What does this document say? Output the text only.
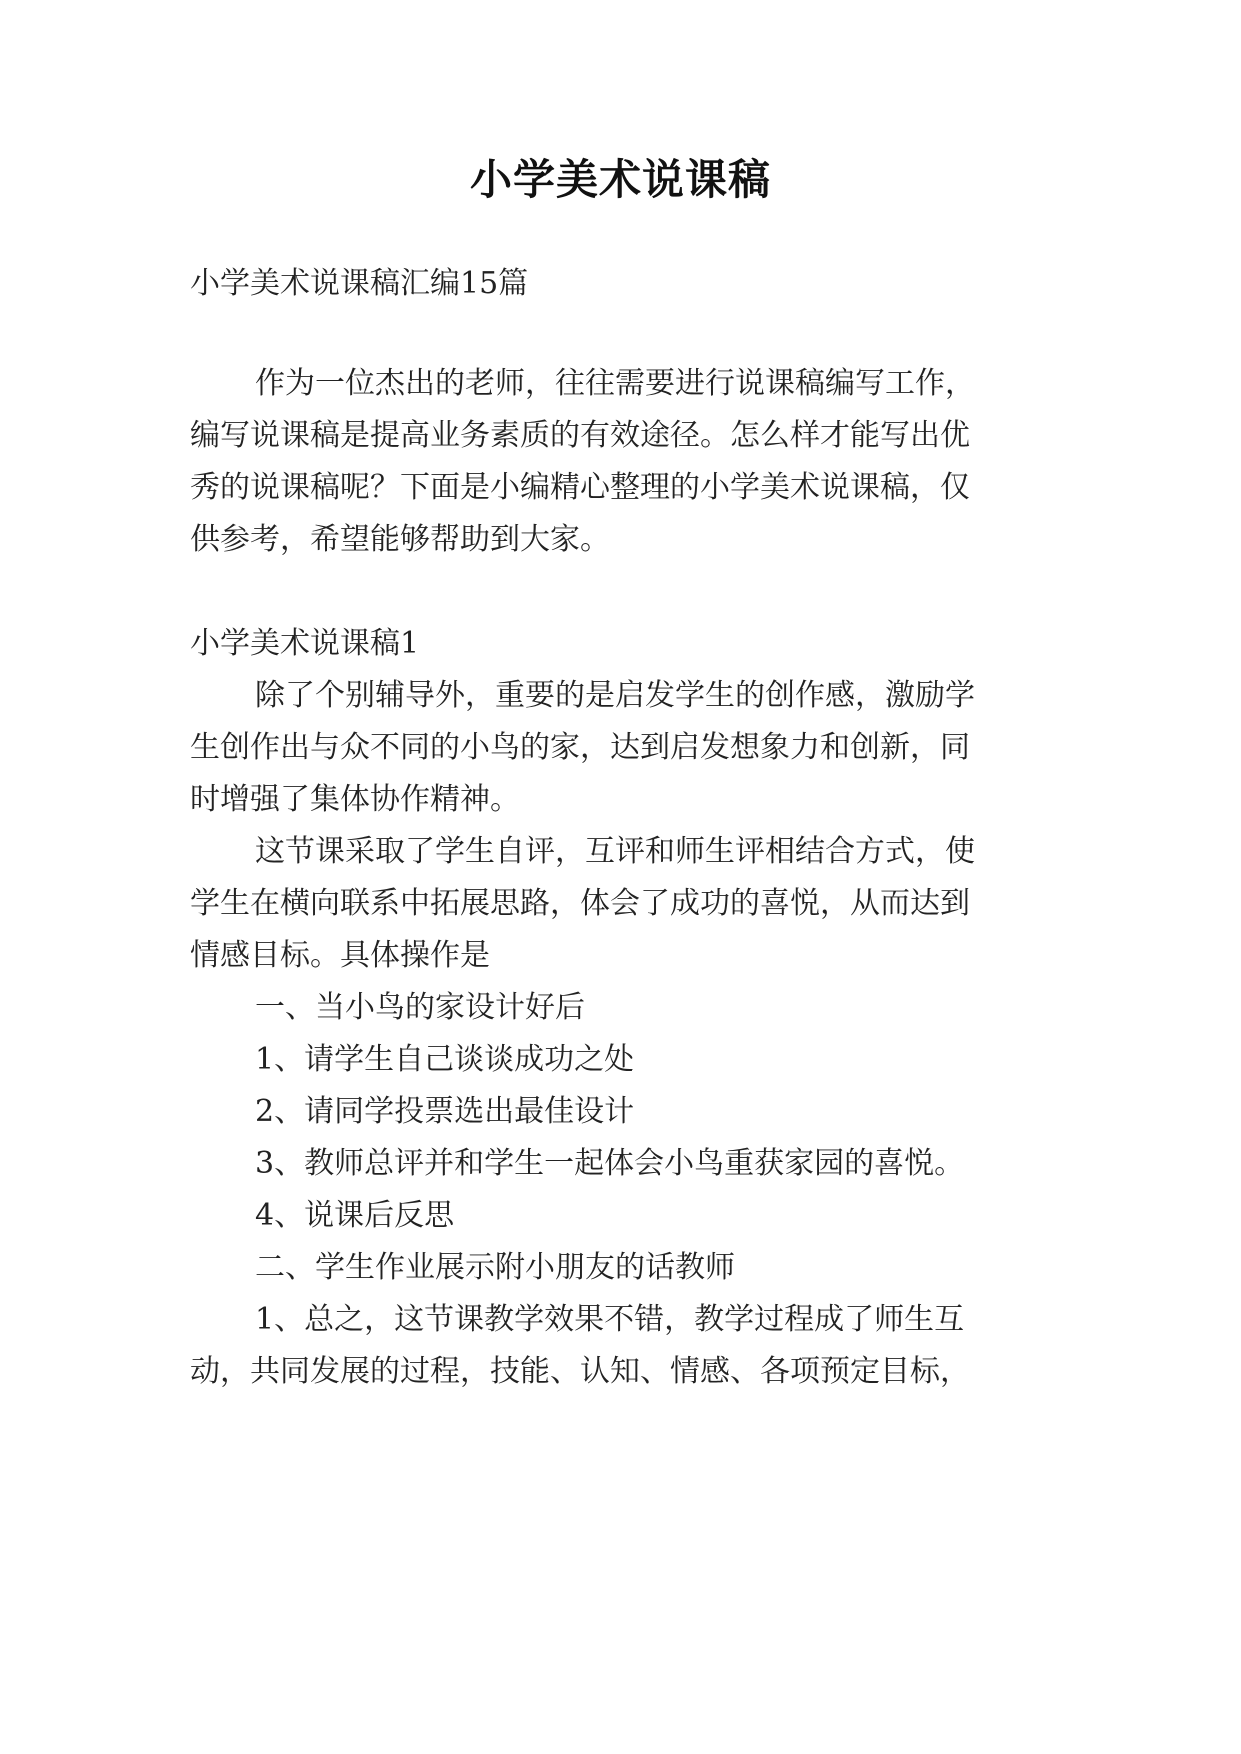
小学美术说课稿
小学美术说课稿汇编15篇
作为一位杰出的老师，往往需要进行说课稿编写工作，
编写说课稿是提高业务素质的有效途径。怎么样才能写出优
秀的说课稿呢？下面是小编精心整理的小学美术说课稿，仅
供参考，希望能够帮助到大家。
小学美术说课稿1
除了个别辅导外，重要的是启发学生的创作感，激励学
生创作出与众不同的小鸟的家，达到启发想象力和创新，同
时增强了集体协作精神。
这节课采取了学生自评，互评和师生评相结合方式，使
学生在横向联系中拓展思路，体会了成功的喜悦，从而达到
情感目标。具体操作是
一、当小鸟的家设计好后
1、请学生自己谈谈成功之处
2、请同学投票选出最佳设计
3、教师总评并和学生一起体会小鸟重获家园的喜悦。
4、说课后反思
二、学生作业展示附小朋友的话教师
1、总之，这节课教学效果不错，教学过程成了师生互
动，共同发展的过程，技能、认知、情感、各项预定目标，
